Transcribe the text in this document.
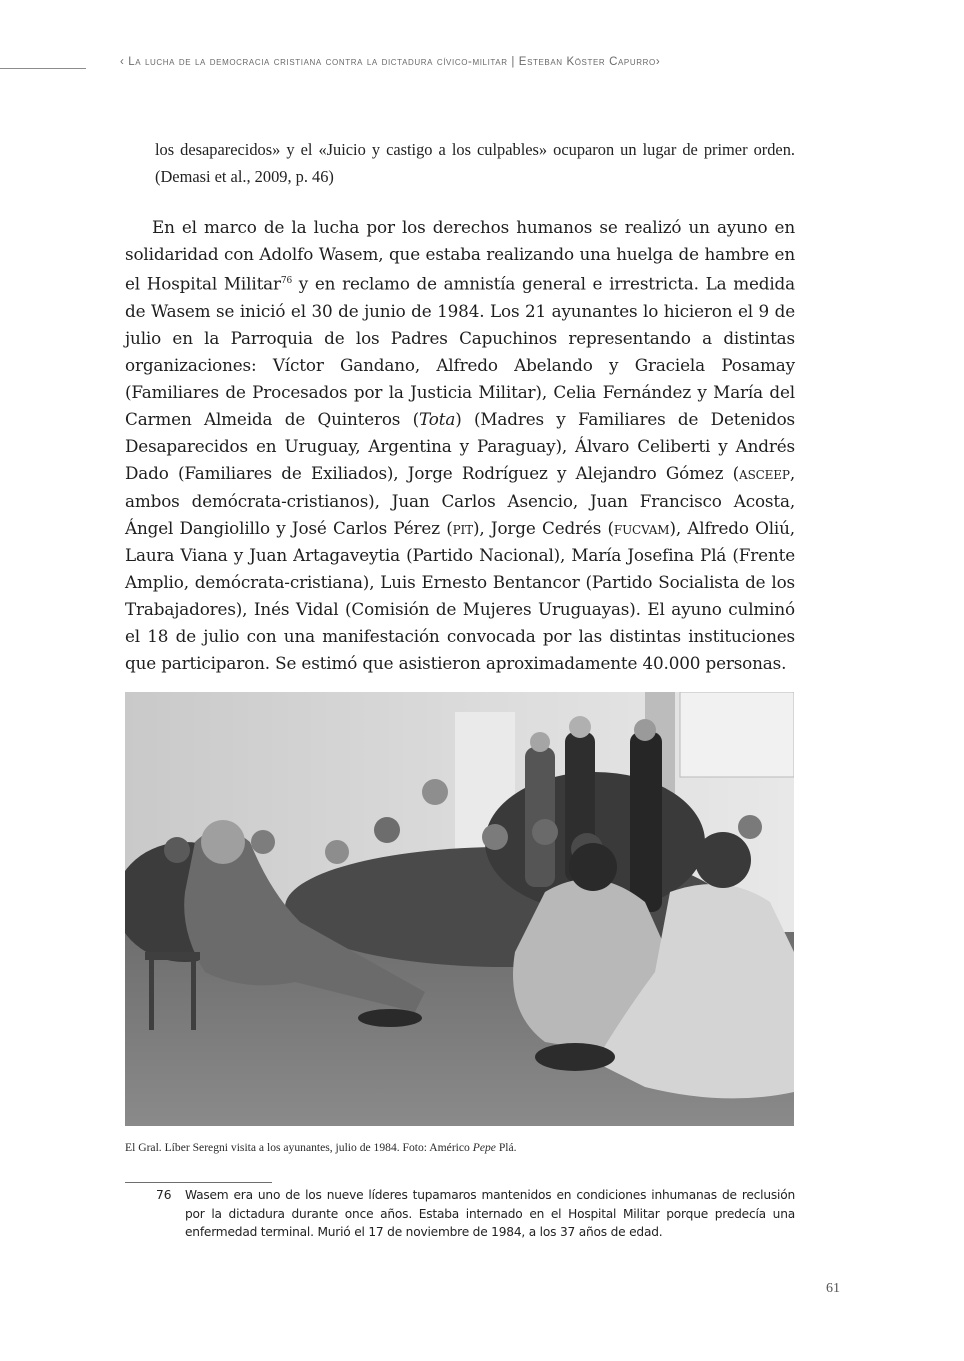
‹ La lucha de la democracia cristiana contra la dictadura cívico-militar | Esteban Köster Capurro›

los desaparecidos» y el «Juicio y castigo a los culpables» ocuparon un lugar de primer orden. (Demasi et al., 2009, p. 46)

En el marco de la lucha por los derechos humanos se realizó un ayuno en solidaridad con Adolfo Wasem, que estaba realizando una huelga de hambre en el Hospital Militar$^{76}$ y en reclamo de amnistía general e irrestricta. La medida de Wasem se inició el 30 de junio de 1984. Los 21 ayunantes lo hicieron el 9 de julio en la Parroquia de los Padres Capuchinos representando a distintas organizaciones: Víctor Gandano, Alfredo Abelando y Graciela Posamay (Familiares de Procesados por la Justicia Militar), Celia Fernández y María del Carmen Almeida de Quinteros (Tota) (Madres y Familiares de Detenidos Desaparecidos en Uruguay, Argentina y Paraguay), Álvaro Celiberti y Andrés Dado (Familiares de Exiliados), Jorge Rodríguez y Alejandro Gómez (asceep, ambos demócrata-cristianos), Juan Carlos Asencio, Juan Francisco Acosta, Ángel Dangiolillo y José Carlos Pérez (pit), Jorge Cedrés (fucvam), Alfredo Oliú, Laura Viana y Juan Artagaveytia (Partido Nacional), María Josefina Plá (Frente Amplio, demócrata-cristiana), Luis Ernesto Bentancor (Partido Socialista de los Trabajadores), Inés Vidal (Comisión de Mujeres Uruguayas). El ayuno culminó el 18 de julio con una manifestación convocada por las distintas instituciones que participaron. Se estimó que asistieron aproximadamente 40.000 personas.

El Gral. Líber Seregni visita a los ayunantes, julio de 1984. Foto: Américo Pepe Plá.
76 Wasem era uno de los nueve líderes tupamaros mantenidos en condiciones inhumanas de reclusión por la dictadura durante once años. Estaba internado en el Hospital Militar porque predecía una enfermedad terminal. Murió el 17 de noviembre de 1984, a los 37 años de edad.
61
